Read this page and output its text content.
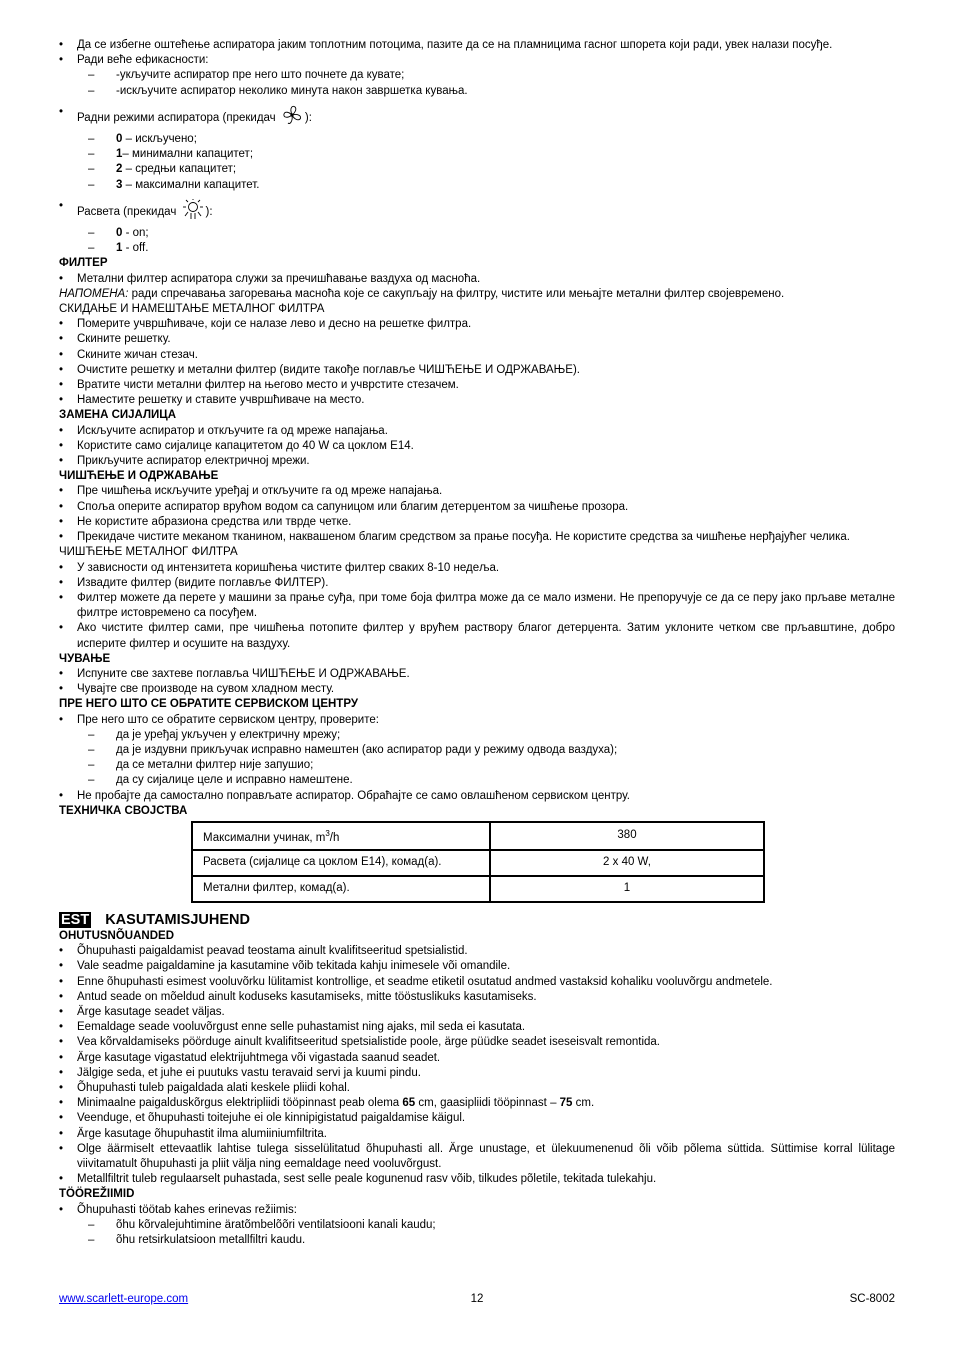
•	Да се избегне оштећење аспиратора јаким топлотним потоцима, пазите да се на пламницима гасног шпорета који ради, увек налази посуђе.
•	Ради веће ефикасности:
–	-укључите аспиратор пре него што почнете да кувате;
–	-искључите аспиратор неколико минута након завршетка кувања.
•	Радни режими аспиратора (прекидач ):
–	0 – искључено;
–	1– минимални капацитет;
–	2 – средњи капацитет;
–	3 – максимални капацитет.
•	Расвета (прекидач ):
–	0 - on;
–	1 - off.
ФИЛТЕР
•	Метални филтер аспиратора служи за пречишћавање ваздуха од масноћа.
НАПОМЕНА: ради спречавања загоревања масноћа које се сакупљају на филтру, чистите или мењајте метални филтер својевремено.
СКИДАЊЕ И НАМЕШТАЊЕ МЕТАЛНОГ ФИЛТРА
•	Померите учвршћиваче, који се налазе лево и десно на решетке филтра.
•	Скините решетку.
•	Скините жичан стезач.
•	Очистите решетку и метални филтер (видите такође поглавље ЧИШЋЕЊЕ И ОДРЖАВАЊЕ).
•	Вратите чисти метални филтер на његово место и учврстите стезачем.
•	Наместите решетку и ставите учвршћиваче на место.
ЗАМЕНА СИЈАЛИЦА
•	Искључите аспиратор и откључите га од мреже напајања.
•	Користите само сијалице капацитетом до 40 W са цоклом Е14.
•	Прикључите аспиратор електричној мрежи.
ЧИШЋЕЊЕ И ОДРЖАВАЊЕ
•	Пре чишћења искључите уређај и откључите га од мреже напајања.
•	Споља оперите аспиратор врућом водом са сапуницом или благим детерџентом за чишћење прозора.
•	Не користите абразиона средства или тврде четке.
•	Прекидаче чистите меканом тканином, наквашеном благим средством за прање посуђа. Не користите средства за чишћење нерђајућег челика.
ЧИШЋЕЊЕ МЕТАЛНОГ ФИЛТРА
•	У зависности од интензитета коришћења чистите филтер сваких 8-10 недеља.
•	Извадите филтер (видите поглавље ФИЛТЕР).
•	Филтер можете да перете у машини за прање суђа, при томе боја филтра може да се мало измени. Не препоручује се да се перу јако прљаве металне филтре истовремено са посуђем.
•	Ако чистите филтер сами, пре чишћења потопите филтер у врућем раствору благог детерџента. Затим уклоните четком све прљавштине, добро исперите филтер и осушите на ваздуху.
ЧУВАЊЕ
•	Испуните све захтеве поглавља ЧИШЋЕЊЕ И ОДРЖАВАЊЕ.
•	Чувајте све производе на сувом хладном месту.
ПРЕ НЕГО ШТО СЕ ОБРАТИТЕ СЕРВИСКОМ ЦЕНТРУ
•	Пре него што се обратите сервиском центру, проверите:
–	да је уређај укључен у електричну мрежу;
–	да је издувни прикључак исправно намештен (ако аспиратор ради у режиму одвода ваздуха);
–	да се метални филтер није запушио;
–	да су сијалице целе и исправно намештене.
•	Не пробајте да самостално поправљате аспиратор. Обраћајте се само овлашћеном сервиском центру.
ТЕХНИЧКА СВОЈСТВА
Максимални учинак, $m^3/h$	380
Расвета (сијалице са цоклом Е14), комад(а).	2 x 40 W,
Метални филтер, комад(а).	1
EST KASUTAMISJUHEND
OHUTUSNÕUANDED
•	Õhupuhasti paigaldamist peavad teostama ainult kvalifitseeritud spetsialistid.
•	Vale seadme paigaldamine ja kasutamine võib tekitada kahju inimesele või omandile.
•	Enne õhupuhasti esimest vooluvõrku lülitamist kontrollige, et seadme etiketil osutatud andmed vastaksid kohaliku vooluvõrgu andmetele.
•	Antud seade on mõeldud ainult koduseks kasutamiseks, mitte tööstuslikuks kasutamiseks.
•	Ärge kasutage seadet väljas.
•	Eemaldage seade vooluvõrgust enne selle puhastamist ning ajaks, mil seda ei kasutata.
•	Vea kõrvaldamiseks pöörduge ainult kvalifitseeritud spetsialistide poole, ärge püüdke seadet iseseisvalt remontida.
•	Ärge kasutage vigastatud elektrijuhtmega või vigastada saanud seadet.
•	Jälgige seda, et juhe ei puutuks vastu teravaid servi ja kuumi pindu.
•	Õhupuhasti tuleb paigaldada alati keskele pliidi kohal.
•	Minimaalne paigalduskõrgus elektripliidi tööpinnast peab olema 65 cm, gaasipliidi tööpinnast – 75 cm.
•	Veenduge, et õhupuhasti toitejuhe ei ole kinnipigistatud paigaldamise käigul.
•	Ärge kasutage õhupuhastit ilma alumiiniumfiltrita.
•	Olge äärmiselt ettevaatlik lahtise tulega sisselülitatud õhupuhasti all. Ärge unustage, et ülekuumenenud õli võib põlema süttida. Süttimise korral lülitage viivitamatult õhupuhasti ja pliit välja ning eemaldage need vooluvõrgust.
•	Metallfiltrit tuleb regulaarselt puhastada, sest selle peale kogunenud rasv võib, tilkudes põletile, tekitada tulekahju.
TÖÖREŽIIMID
•	Õhupuhasti töötab kahes erinevas režiimis:
–	õhu kõrvalejuhtimine äratõmbelõõri ventilatsiooni kanali kaudu;
–	õhu retsirkulatsioon metallfiltri kaudu.
12
www.scarlett-europe.com	SC-8002
